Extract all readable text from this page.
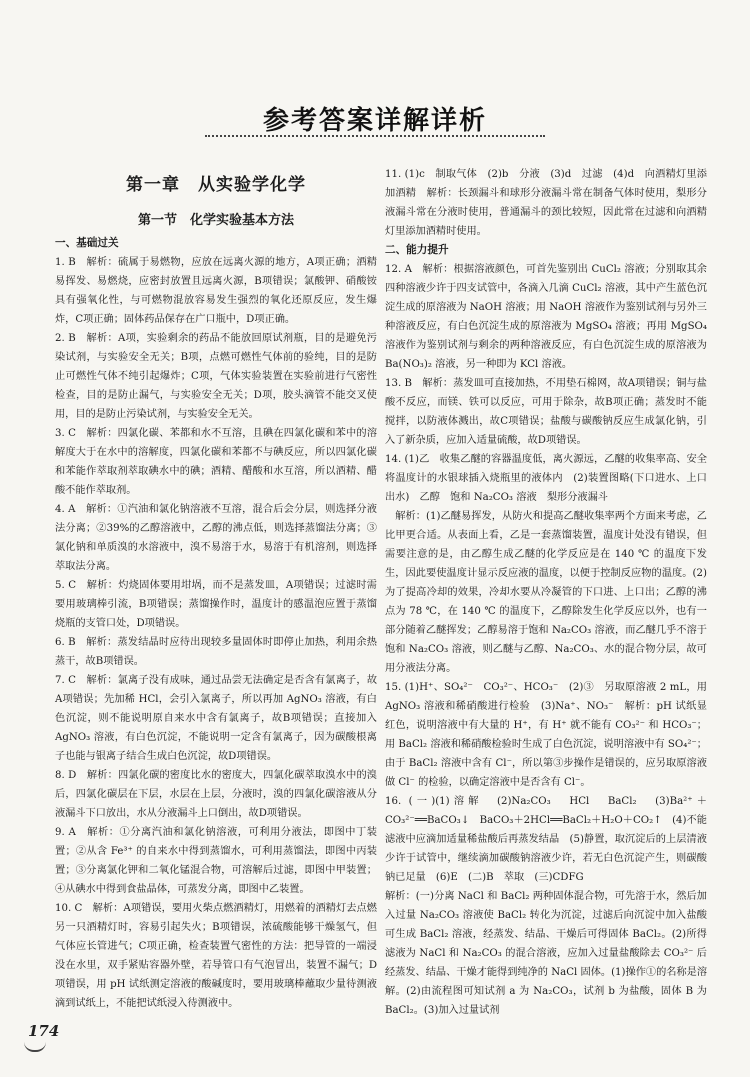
参考答案详解详析
第一章　从实验学化学
第一节　化学实验基本方法
一、基础过关

1. B　解析：硫属于易燃物，应放在远离火源的地方，A项正确；酒精易挥发、易燃烧，应密封放置且远离火源，B项错误；氯酸钾、硝酸铵具有强氧化性，与可燃物混放容易发生强烈的氧化还原反应，发生爆炸，C项正确；固体药品保存在广口瓶中，D项正确。

2. B　解析：A项，实验剩余的药品不能放回原试剂瓶，目的是避免污染试剂，与实验安全无关；B项，点燃可燃性气体前的验纯，目的是防止可燃性气体不纯引起爆炸；C项，气体实验装置在实验前进行气密性检查，目的是防止漏气，与实验安全无关；D项，胶头滴管不能交叉使用，目的是防止污染试剂，与实验安全无关。

3. C　解析：四氯化碳、苯都和水不互溶，且碘在四氯化碳和苯中的溶解度大于在水中的溶解度，四氯化碳和苯都不与碘反应，所以四氯化碳和苯能作萃取剂萃取碘水中的碘；酒精、醋酸和水互溶，所以酒精、醋酸不能作萃取剂。

4. A　解析：①汽油和氯化钠溶液不互溶，混合后会分层，则选择分液法分离；②39%的乙醇溶液中，乙醇的沸点低，则选择蒸馏法分离；③氯化钠和单质溴的水溶液中，溴不易溶于水，易溶于有机溶剂，则选择萃取法分离。

5. C　解析：灼烧固体要用坩埚，而不是蒸发皿，A项错误；过滤时需要用玻璃棒引流，B项错误；蒸馏操作时，温度计的感温泡应置于蒸馏烧瓶的支管口处，D项错误。

6. B　解析：蒸发结晶时应待出现较多量固体时即停止加热，利用余热蒸干，故B项错误。

7. C　解析：氯离子没有成味，通过品尝无法确定是否含有氯离子，故A项错误；先加稀 HCl，会引入氯离子，所以再加 AgNO₃ 溶液，有白色沉淀，则不能说明原自来水中含有氯离子，故B项错误；直接加入 AgNO₃ 溶液，有白色沉淀，不能说明一定含有氯离子，因为碳酸根离子也能与银离子结合生成白色沉淀，故D项错误。

8. D　解析：四氯化碳的密度比水的密度大，四氯化碳萃取溴水中的溴后，四氯化碳层在下层，水层在上层，分液时，溴的四氯化碳溶液从分液漏斗下口放出，水从分液漏斗上口倒出，故D项错误。

9. A　解析：①分离汽油和氯化钠溶液，可利用分液法，即图中丁装置；②从含 Fe³⁺ 的自来水中得到蒸馏水，可利用蒸馏法，即图中丙装置；③分离氯化钾和二氧化锰混合物，可溶解后过滤，即图中甲装置；④从碘水中得到食盐晶体，可蒸发分离，即图中乙装置。

10. C　解析：A项错误，要用火柴点燃酒精灯，用燃着的酒精灯去点燃另一只酒精灯时，容易引起失火；B项错误，浓硫酸能够干燥氢气，但气体应长管进气；C项正确，检查装置气密性的方法：把导管的一端浸没在水里，双手紧贴容器外壁，若导管口有气泡冒出，装置不漏气；D项错误，用 pH 试纸测定溶液的酸碱度时，要用玻璃棒蘸取少量待测液滴到试纸上，不能把试纸浸入待测液中。

11. (1)c　制取气体　(2)b　分液　(3)d　过滤　(4)d　向酒精灯里添加酒精　解析：长颈漏斗和球形分液漏斗常在制备气体时使用，梨形分液漏斗常在分液时使用，普通漏斗的颈比较短，因此常在过滤和向酒精灯里添加酒精时使用。

二、能力提升

12. A　解析：根据溶液颜色，可首先鉴别出 CuCl₂ 溶液；分别取其余四种溶液少许于四支试管中，各滴入几滴 CuCl₂ 溶液，其中产生蓝色沉淀生成的原溶液为 NaOH 溶液；用 NaOH 溶液作为鉴别试剂与另外三种溶液反应，有白色沉淀生成的原溶液为 MgSO₄ 溶液；再用 MgSO₄ 溶液作为鉴别试剂与剩余的两种溶液反应，有白色沉淀生成的原溶液为 Ba(NO₃)₂ 溶液，另一种即为 KCl 溶液。

13. B　解析：蒸发皿可直接加热，不用垫石棉网，故A项错误；铜与盐酸不反应，而镁、铁可以反应，可用于除杂，故B项正确；蒸发时不能搅拌，以防液体溅出，故C项错误；盐酸与碳酸钠反应生成氯化钠，引入了新杂质，应加入适量硫酸，故D项错误。

14. (1)乙　收集乙醚的容器温度低，离火源远，乙醚的收集率高、安全　将温度计的水银球插入烧瓶里的液体内　(2)装置图略(下口进水、上口出水)　乙醇　饱和 Na₂CO₃ 溶液　梨形分液漏斗

　解析：(1)乙醚易挥发，从防火和提高乙醚收集率两个方面来考虑，乙比甲更合适。从表面上看，乙是一套蒸馏装置，温度计处没有错误，但需要注意的是，由乙醇生成乙醚的化学反应是在 140 ℃ 的温度下发生，因此要使温度计显示反应液的温度，以便于控制反应物的温度。(2)为了提高冷却的效果，冷却水要从冷凝管的下口进、上口出；乙醇的沸点为 78 ℃，在 140 ℃ 的温度下，乙醇除发生化学反应以外，也有一部分随着乙醚挥发；乙醇易溶于饱和 Na₂CO₃ 溶液，而乙醚几乎不溶于饱和 Na₂CO₃ 溶液，则乙醚与乙醇、Na₂CO₃、水的混合物分层，故可用分液法分离。

15. (1)H⁺、SO₄²⁻　CO₃²⁻、HCO₃⁻　(2)③　另取原溶液 2 mL，用 AgNO₃ 溶液和稀硝酸进行检验　(3)Na⁺、NO₃⁻　解析：pH 试纸显红色，说明溶液中有大量的 H⁺，有 H⁺ 就不能有 CO₃²⁻ 和 HCO₃⁻；用 BaCl₂ 溶液和稀硝酸检验时生成了白色沉淀，说明溶液中有 SO₄²⁻；由于 BaCl₂ 溶液中含有 Cl⁻，所以第③步操作是错误的，应另取原溶液做 Cl⁻ 的检验，以确定溶液中是否含有 Cl⁻。

16. (一)(1)溶解　(2)Na₂CO₃　HCl　BaCl₂　(3)Ba²⁺＋CO₃²⁻══BaCO₃↓　BaCO₃＋2HCl══BaCl₂＋H₂O＋CO₂↑　(4)不能　滤液中应滴加适量稀盐酸后再蒸发结晶　(5)静置，取沉淀后的上层清液少许于试管中，继续滴加碳酸钠溶液少许，若无白色沉淀产生，则碳酸钠已足量　(6)E　(二)B　萃取　(三)CDFG

解析：(一)分离 NaCl 和 BaCl₂ 两种固体混合物，可先溶于水，然后加入过量 Na₂CO₃ 溶液使 BaCl₂ 转化为沉淀，过滤后向沉淀中加入盐酸可生成 BaCl₂ 溶液，经蒸发、结晶、干燥后可得固体 BaCl₂。(2)所得滤液为 NaCl 和 Na₂CO₃ 的混合溶液，应加入过量盐酸除去 CO₃²⁻ 后经蒸发、结晶、干燥才能得到纯净的 NaCl 固体。(1)操作①的名称是溶解。(2)由流程图可知试剂 a 为 Na₂CO₃，试剂 b 为盐酸，固体 B 为 BaCl₂。(3)加入过量试剂

174
